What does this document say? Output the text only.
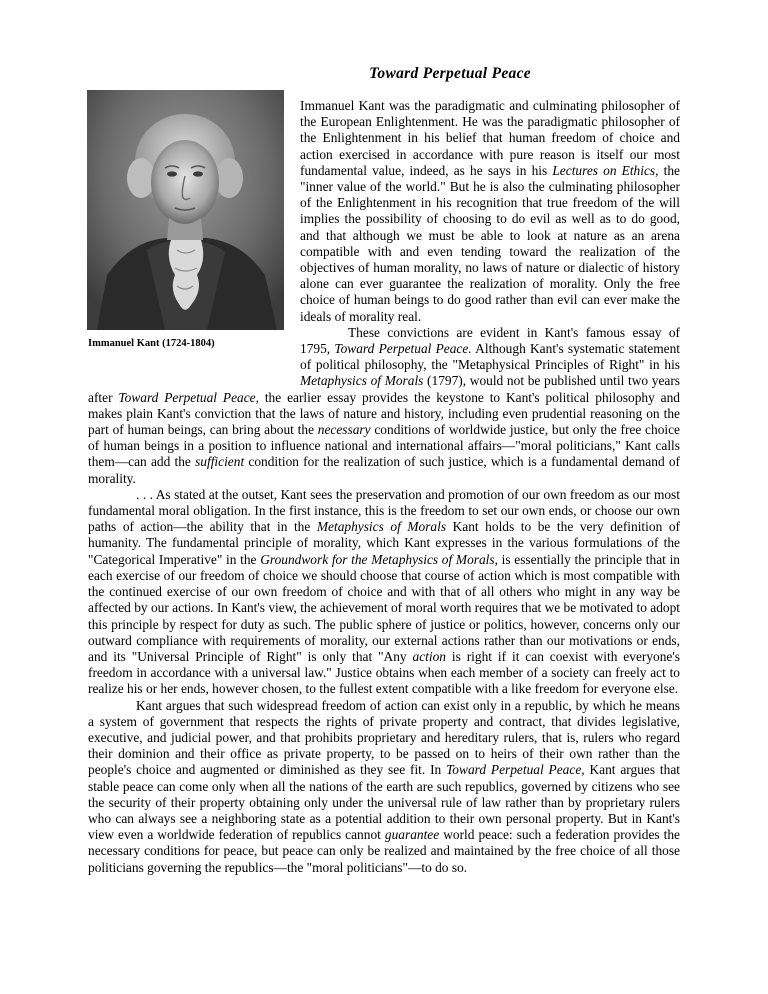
Toward Perpetual Peace
Immanuel Kant (1724-1804)

Immanuel Kant was the paradigmatic and culminating philosopher of the European Enlightenment. He was the paradigmatic philosopher of the Enlightenment in his belief that human freedom of choice and action exercised in accordance with pure reason is itself our most fundamental value, indeed, as he says in his Lectures on Ethics, the "inner value of the world." But he is also the culminating philosopher of the Enlightenment in his recognition that true freedom of the will implies the possibility of choosing to do evil as well as to do good, and that although we must be able to look at nature as an arena compatible with and even tending toward the realization of the objectives of human morality, no laws of nature or dialectic of history alone can ever guarantee the realization of morality. Only the free choice of human beings to do good rather than evil can ever make the ideals of morality real.

These convictions are evident in Kant's famous essay of 1795, Toward Perpetual Peace. Although Kant's systematic statement of political philosophy, the "Metaphysical Principles of Right" in his Metaphysics of Morals (1797), would not be published until two years after Toward Perpetual Peace, the earlier essay provides the keystone to Kant's political philosophy and makes plain Kant's conviction that the laws of nature and history, including even prudential reasoning on the part of human beings, can bring about the necessary conditions of worldwide justice, but only the free choice of human beings in a position to influence national and international affairs—"moral politicians," Kant calls them—can add the sufficient condition for the realization of such justice, which is a fundamental demand of morality.

. . . As stated at the outset, Kant sees the preservation and promotion of our own freedom as our most fundamental moral obligation. In the first instance, this is the freedom to set our own ends, or choose our own paths of action—the ability that in the Metaphysics of Morals Kant holds to be the very definition of humanity. The fundamental principle of morality, which Kant expresses in the various formulations of the "Categorical Imperative" in the Groundwork for the Metaphysics of Morals, is essentially the principle that in each exercise of our freedom of choice we should choose that course of action which is most compatible with the continued exercise of our own freedom of choice and with that of all others who might in any way be affected by our actions. In Kant's view, the achievement of moral worth requires that we be motivated to adopt this principle by respect for duty as such. The public sphere of justice or politics, however, concerns only our outward compliance with requirements of morality, our external actions rather than our motivations or ends, and its "Universal Principle of Right" is only that "Any action is right if it can coexist with everyone's freedom in accordance with a universal law." Justice obtains when each member of a society can freely act to realize his or her ends, however chosen, to the fullest extent compatible with a like freedom for everyone else.

Kant argues that such widespread freedom of action can exist only in a republic, by which he means a system of government that respects the rights of private property and contract, that divides legislative, executive, and judicial power, and that prohibits proprietary and hereditary rulers, that is, rulers who regard their dominion and their office as private property, to be passed on to heirs of their own rather than the people's choice and augmented or diminished as they see fit. In Toward Perpetual Peace, Kant argues that stable peace can come only when all the nations of the earth are such republics, governed by citizens who see the security of their property obtaining only under the universal rule of law rather than by proprietary rulers who can always see a neighboring state as a potential addition to their own personal property. But in Kant's view even a worldwide federation of republics cannot guarantee world peace: such a federation provides the necessary conditions for peace, but peace can only be realized and maintained by the free choice of all those politicians governing the republics—the "moral politicians"—to do so.
